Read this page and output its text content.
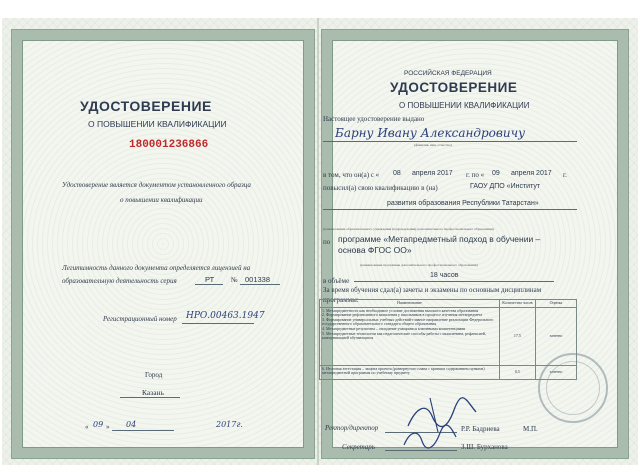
УДОСТОВЕРЕНИЕ
О ПОВЫШЕНИИ КВАЛИФИКАЦИИ
180001236866
Удостоверение является документом установленного образца
о повышении квалификации
Легитимность данного документа определяется лицензией на
образовательную деятельность серия	РТ № 001338
Регистрационный номер НРО.00463.1947
Город
Казань
« 09 » 04	2017г.
РОССИЙСКАЯ ФЕДЕРАЦИЯ
УДОСТОВЕРЕНИЕ
О ПОВЫШЕНИИ КВАЛИФИКАЦИИ
Настоящее удостоверение выдано
Барну Ивану Александровичу
(фамилия, имя, отчество)
в том, что он(а) с « 08 апреля 2017 г. по « 09 апреля 2017 г.
повысил(а) свою квалификацию в (на)	ГАОУ ДПО «Институт
развития образования Республики Татарстан»
(наименование образовательного учреждения (подразделения) дополнительного профессионального образования)
по программе «Метапредметный подход в обучении –
основа ФГОС ОО»
(наименование программы дополнительного профессионального образования)
в объёме
18 часов
За время обучения сдал(а) зачеты и экзамены по основным дисциплинам
программы:	Наименование	Количество часов	Оценка
1. Метапредметность как необходимое условие достижения высокого качества образования
2. Формирование рефлексивного мышления у школьников в процессе изучения метапредмета
3. Формирование универсальных учебных действий-главное направление реализации Федерального государственного образовательного стандарта общего образования
4. Метапредметные результаты – овладение учащимися ключевыми компетенциями
5. Метапредметные технологии как педагогические способы работы с мышлением, рефлексией, коммуникацией обучающихся	17,5	зачтено
6. Итоговая аттестация – защита проекта (развернутого плана с кратким содержанием пунктов) метапредметной программы по учебному предмету	0,5	зачтено
Ректор/директор	Р.Р. Бадриева	М.П.
Секретарь	З.Ш. Бурханова
